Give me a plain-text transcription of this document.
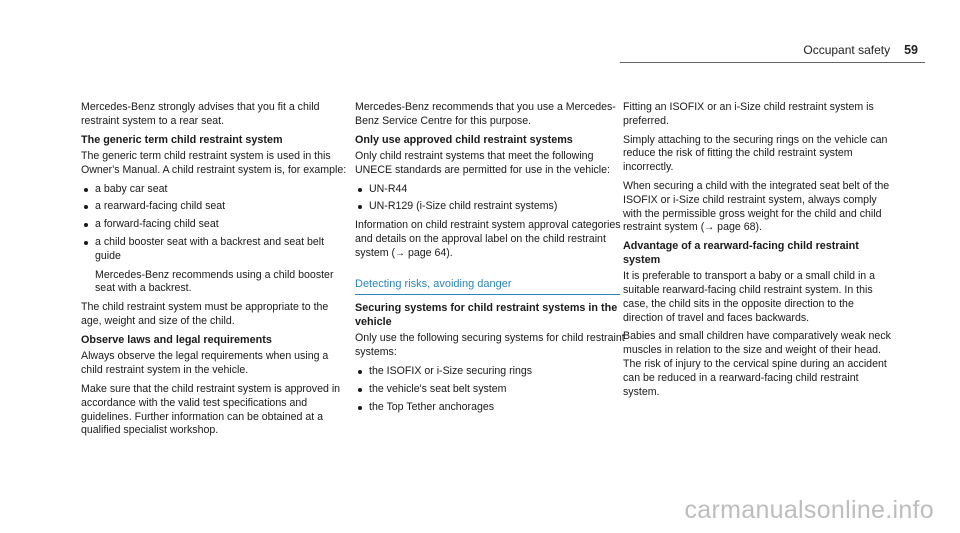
Occupant safety 59

Mercedes-Benz strongly advises that you fit a child restraint system to a rear seat.

The generic term child restraint system

The generic term child restraint system is used in this Owner's Manual. A child restraint system is, for example:

a baby car seat
a rearward-facing child seat
a forward-facing child seat
a child booster seat with a backrest and seat belt guide

Mercedes-Benz recommends using a child booster seat with a backrest.

The child restraint system must be appropriate to the age, weight and size of the child.

Observe laws and legal requirements

Always observe the legal requirements when using a child restraint system in the vehicle.

Make sure that the child restraint system is approved in accordance with the valid test specifications and guidelines. Further information can be obtained at a qualified specialist workshop.

Mercedes-Benz recommends that you use a Mercedes-Benz Service Centre for this purpose.

Only use approved child restraint systems

Only child restraint systems that meet the following UNECE standards are permitted for use in the vehicle:

UN-R44
UN-R129 (i-Size child restraint systems)

Information on child restraint system approval categories and details on the approval label on the child restraint system (→ page 64).

Detecting risks, avoiding danger
Securing systems for child restraint systems in the vehicle

Only use the following securing systems for child restraint systems:

the ISOFIX or i-Size securing rings
the vehicle's seat belt system
the Top Tether anchorages

Fitting an ISOFIX or an i-Size child restraint system is preferred.

Simply attaching to the securing rings on the vehicle can reduce the risk of fitting the child restraint system incorrectly.

When securing a child with the integrated seat belt of the ISOFIX or i-Size child restraint system, always comply with the permissible gross weight for the child and child restraint system (→ page 68).

Advantage of a rearward-facing child restraint system

It is preferable to transport a baby or a small child in a suitable rearward-facing child restraint system. In this case, the child sits in the opposite direction to the direction of travel and faces backwards.

Babies and small children have comparatively weak neck muscles in relation to the size and weight of their head. The risk of injury to the cervical spine during an accident can be reduced in a rearward-facing child restraint system.

carmanualsonline.info
